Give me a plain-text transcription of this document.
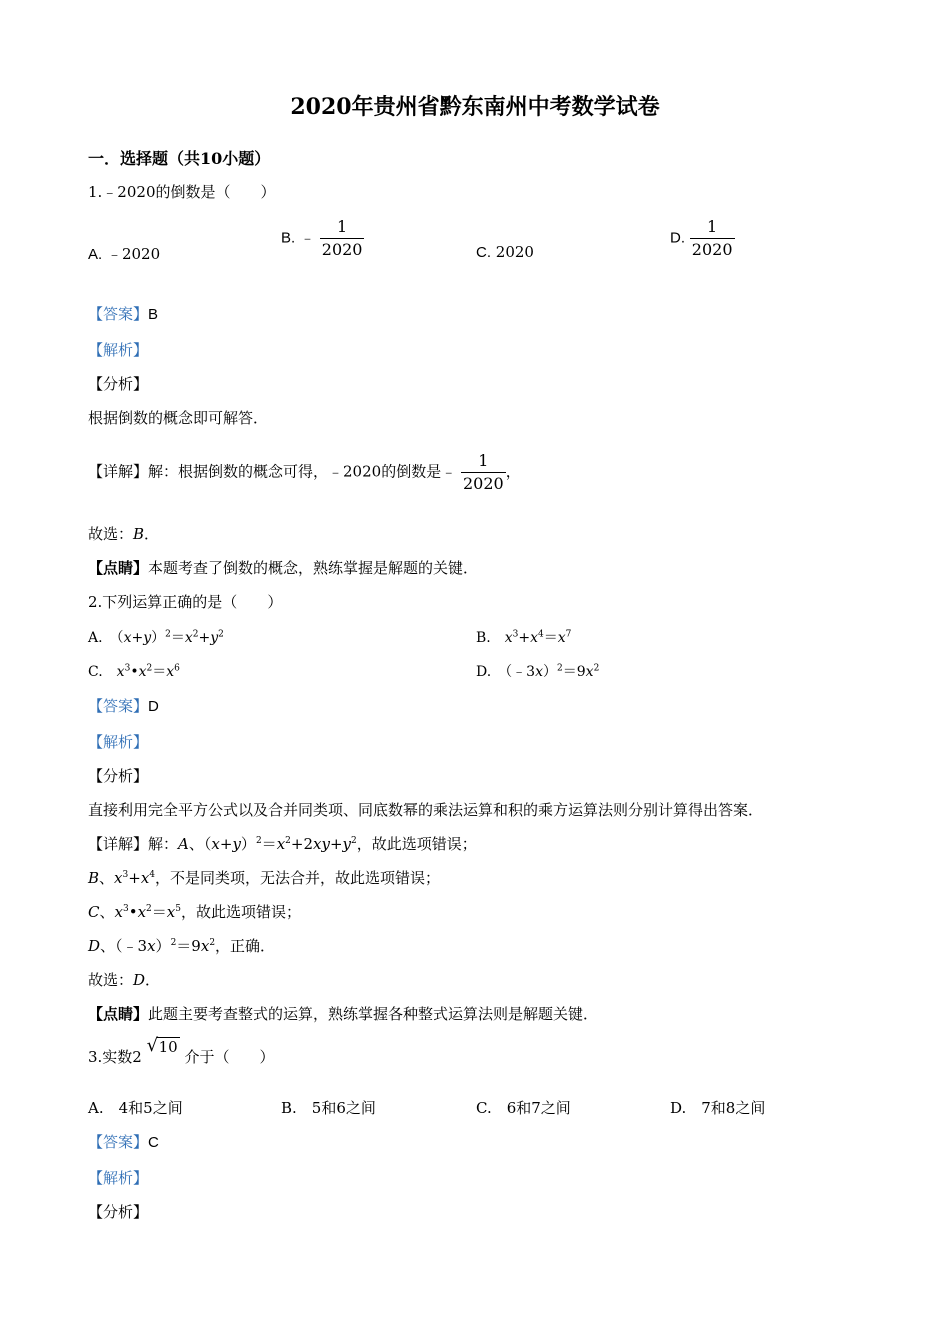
2020年贵州省黔东南州中考数学试卷
一．选择题（共10小题）
1.﹣2020的倒数是（　　）
A. ﹣2020
B. ﹣ $\frac{1}{2020}$	C. 2020
D. $\frac{1}{2020}$
【答案】B
【解析】
【分析】
根据倒数的概念即可解答．
【详解】解：根据倒数的概念可得，﹣2020的倒数是﹣ $\frac{1}{2020}$ ，
故选：B．
【点睛】本题考查了倒数的概念，熟练掌握是解题的关键．
2.下列运算正确的是（　　）
A.　$(x+y)^2=x^2+y^2$	B.　$x^3+x^4=x^7$
C.　$x^3•x^2=x^6$	D.　$(﹣3x)^2=9x^2$
【答案】D
【解析】
【分析】
直接利用完全平方公式以及合并同类项、同底数幂的乘法运算和积的乘方运算法则分别计算得出答案．
【详解】解：A、$(x+y)^2=x^2+2xy+y^2$，故此选项错误；
B、$x^3+x^4$，不是同类项，无法合并，故此选项错误；
C、$x^3•x^2=x^5$，故此选项错误；
D、$(﹣3x)^2=9x^2$，正确．
故选：D．
【点睛】此题主要考查整式的运算，熟练掌握各种整式运算法则是解题关键．
3.实数2
√ 10 介于（　　）
A.　4和5之间	B.　5和6之间	C.　6和7之间	D.　7和8之间
【答案】C
【解析】
【分析】
